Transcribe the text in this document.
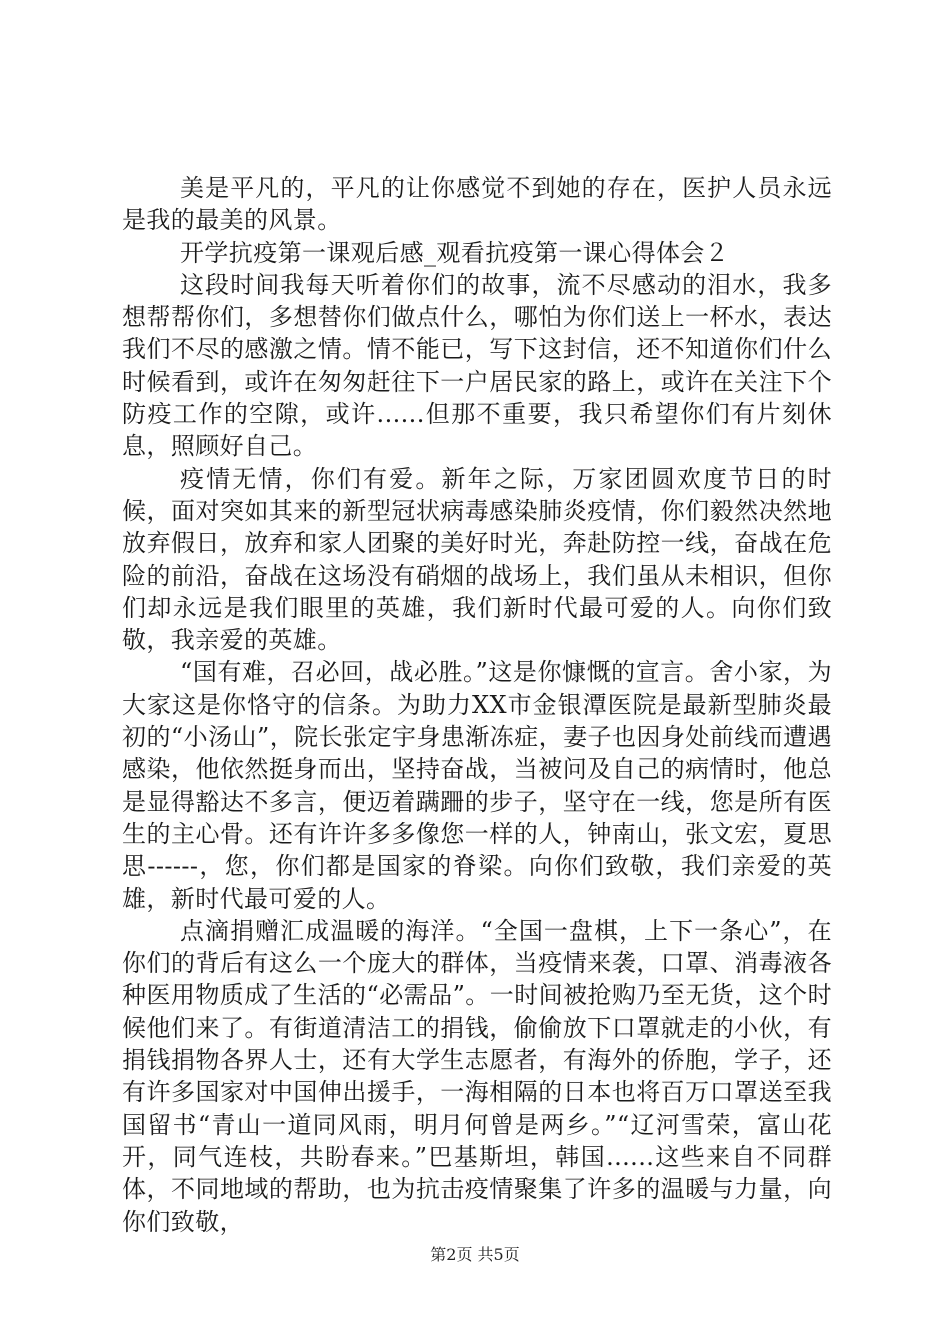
美是平凡的，平凡的让你感觉不到她的存在，医护人员永远是我的最美的风景。

开学抗疫第一课观后感_观看抗疫第一课心得体会２

这段时间我每天听着你们的故事，流不尽感动的泪水，我多想帮帮你们，多想替你们做点什么，哪怕为你们送上一杯水，表达我们不尽的感激之情。情不能已，写下这封信，还不知道你们什么时候看到，或许在匆匆赶往下一户居民家的路上，或许在关注下个防疫工作的空隙，或许......但那不重要，我只希望你们有片刻休息，照顾好自己。

疫情无情，你们有爱。新年之际，万家团圆欢度节日的时候，面对突如其来的新型冠状病毒感染肺炎疫情，你们毅然决然地放弃假日，放弃和家人团聚的美好时光，奔赴防控一线，奋战在危险的前沿，奋战在这场没有硝烟的战场上，我们虽从未相识，但你们却永远是我们眼里的英雄，我们新时代最可爱的人。向你们致敬，我亲爱的英雄。

“国有难，召必回，战必胜。”这是你慷慨的宣言。舍小家，为大家这是你恪守的信条。为助力XX市金银潭医院是最新型肺炎最初的“小汤山”，院长张定宇身患渐冻症，妻子也因身处前线而遭遇感染，他依然挺身而出，坚持奋战，当被问及自己的病情时，他总是显得豁达不多言，便迈着蹒跚的步子，坚守在一线，您是所有医生的主心骨。还有许许多多像您一样的人，钟南山，张文宏，夏思思------，您，你们都是国家的脊梁。向你们致敬，我们亲爱的英雄，新时代最可爱的人。

点滴捐赠汇成温暖的海洋。“全国一盘棋，上下一条心”，在你们的背后有这么一个庞大的群体，当疫情来袭，口罩、消毒液各种医用物质成了生活的“必需品”。一时间被抢购乃至无货，这个时候他们来了。有街道清洁工的捐钱，偷偷放下口罩就走的小伙，有捐钱捐物各界人士，还有大学生志愿者，有海外的侨胞，学子，还有许多国家对中国伸出援手，一海相隔的日本也将百万口罩送至我国留书“青山一道同风雨，明月何曾是两乡。”“辽河雪荣，富山花开，同气连枝，共盼春来。”巴基斯坦，韩国......这些来自不同群体，不同地域的帮助，也为抗击疫情聚集了许多的温暖与力量，向你们致敬，

第2页 共5页
